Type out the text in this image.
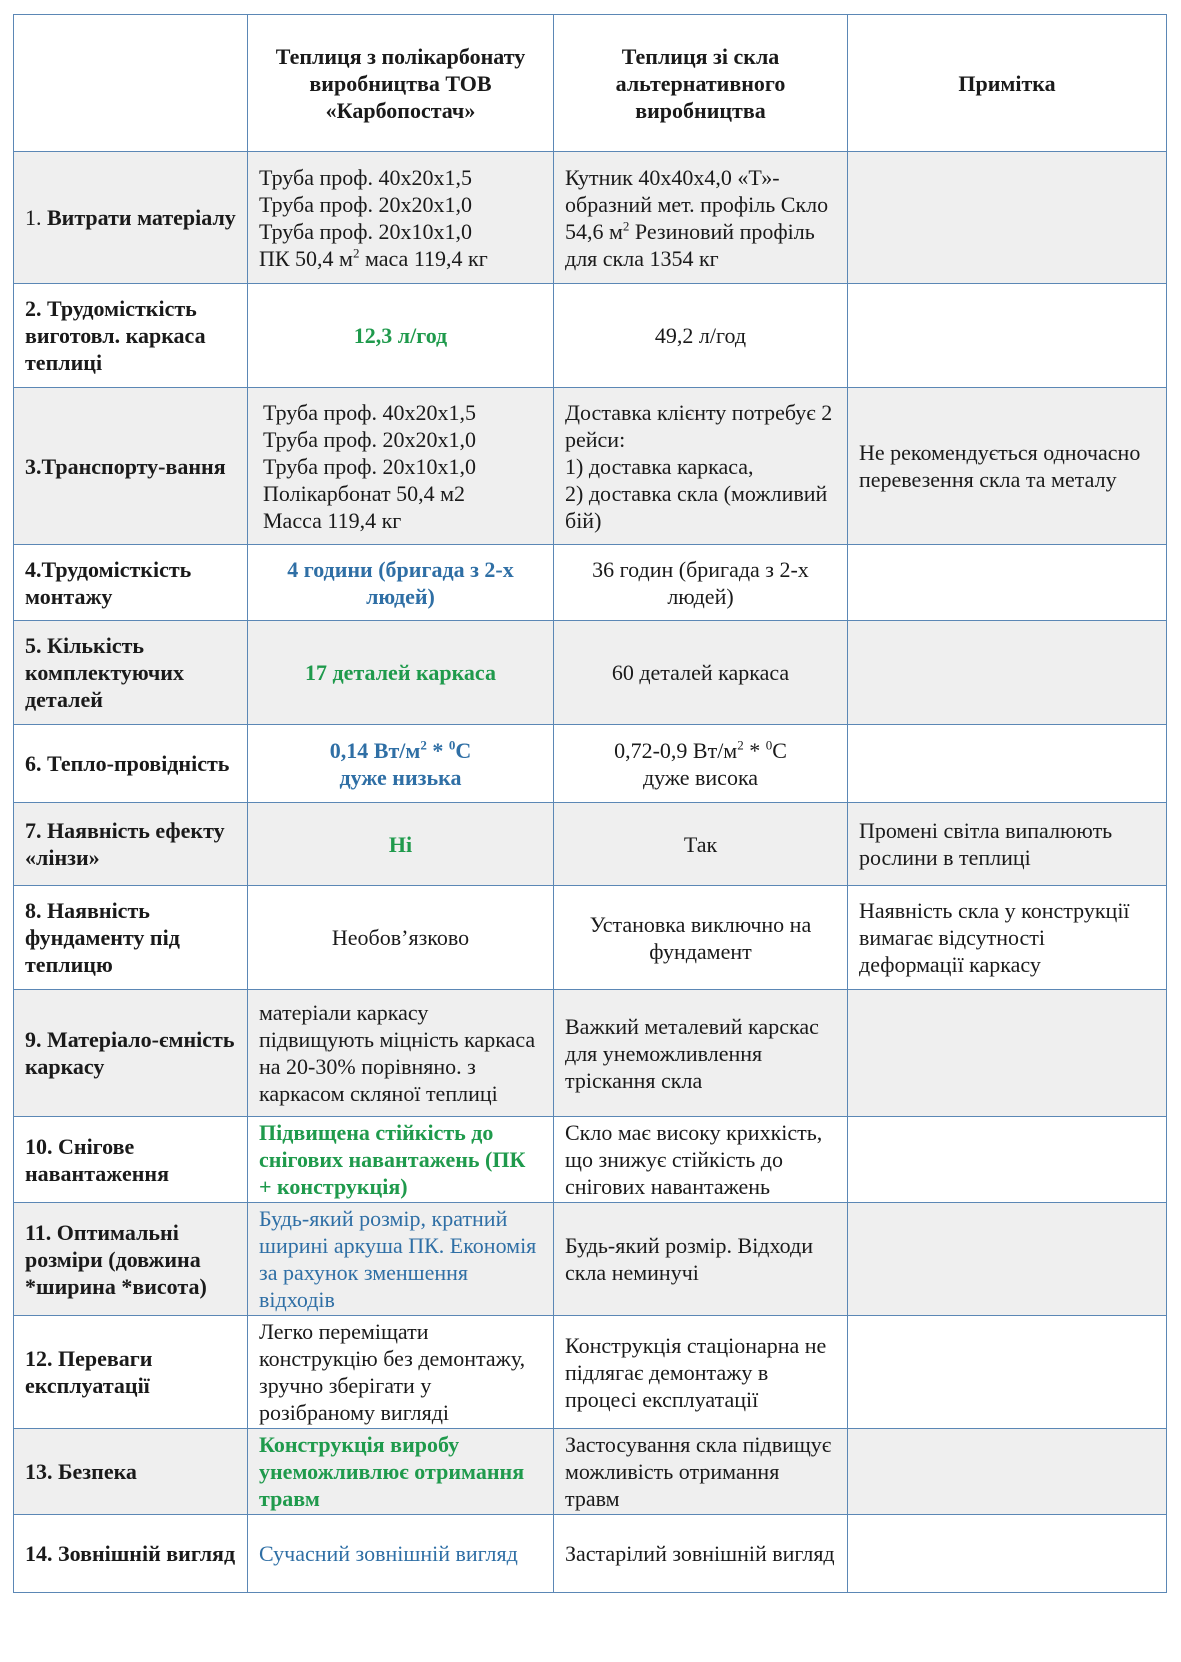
	Теплиця з полікарбонату виробництва ТОВ «Карбопостач»	Теплиця зі скла альтернативного виробництва	Примітка
1. Витрати матеріалу	Труба проф. 40х20х1,5
Труба проф. 20х20х1,0
Труба проф. 20х10х1,0
ПК 50,4 $м^2$ маса 119,4 кг	Кутник 40х40х4,0 «Т»-образний мет. профіль Скло 54,6 $м^2$ Резиновий профіль для скла 1354 кг	
2. Трудомісткість виготовл. каркаса теплиці	12,3 л/год	49,2 л/год	
3.Транспорту-вання	Труба проф. 40х20х1,5
Труба проф. 20х20х1,0
Труба проф. 20х10х1,0
Полікарбонат 50,4 м2
Масса 119,4 кг	Доставка клієнту потребує 2 рейси:
1) доставка каркаса,
2) доставка скла (можливий бій)	Не рекомендується одночасно перевезення скла та металу
4.Трудомісткість монтажу	4 години (бригада з 2-х людей)	36 годин (бригада з 2-х людей)	
5. Кількість комплектуючих деталей	17 деталей каркаса	60 деталей каркаса	
6. Тепло-провідність	0,14 $Вт/м^2 * ^0С$
дуже низька	0,72-0,9 $Вт/м^2 * ^0С$
дуже висока	

7. Наявність ефекту «лінзи»	Ні	Так	Промені світла випалюють рослини в теплиці
8. Наявність фундаменту під теплицю	Необов’язково	Установка виключно на фундамент	Наявність скла у конструкції вимагає відсутності деформації каркасу
9. Матеріало-ємність каркасу	матеріали каркасу підвищують міцність каркаса на 20-30% порівняно. з каркасом скляної теплиці	Важкий металевий карскас для унеможливлення тріскання скла	
10. Снігове навантаження	Підвищена стійкість до снігових навантажень (ПК + конструкція)	Скло має високу крихкість, що знижує стійкість до снігових навантажень	
11. Оптимальні розміри (довжина *ширина *висота)	Будь-який розмір, кратний ширині аркуша ПК. Економія за рахунок зменшення відходів	Будь-який розмір. Відходи скла неминучі	
12. Переваги експлуатації	Легко переміщати конструкцію без демонтажу, зручно зберігати у розібраному вигляді	Конструкція стаціонарна не підлягає демонтажу в процесі експлуатації	
13. Безпека	Конструкція виробу унеможливлює отримання травм	Застосування скла підвищує можливість отримання травм	
14. Зовнішній вигляд	Сучасний зовнішній вигляд	Застарілий зовнішній вигляд	
